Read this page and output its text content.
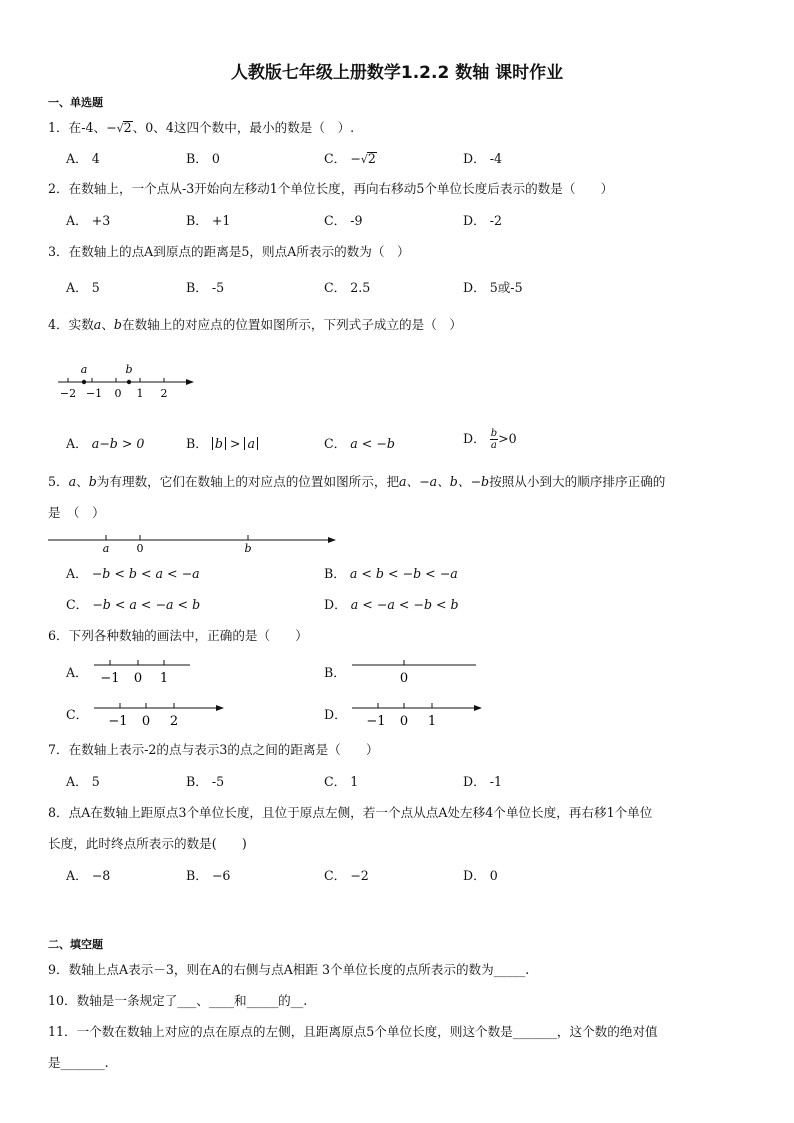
人教版七年级上册数学1.2.2 数轴 课时作业
一、单选题
1．在-4、−√2、0、4这四个数中，最小的数是（　）.
A． 4	B． 0	C． −√2	D． -4
2．在数轴上，一个点从-3开始向左移动1个单位长度，再向右移动5个单位长度后表示的数是（　　）
A． +3	B． +1	C． -9	D． -2
3．在数轴上的点A到原点的距离是5，则点A所表示的数为（　）
A． 5	B． -5	C． 2.5	D． 5或-5
4．实数a、b在数轴上的对应点的位置如图所示，下列式子成立的是（　）
a	b
−2 −1 0 1 2
A． a−b > 0	B． b > a	C． a < −b	D． $\frac{b}{a} >0$
5．a、b为有理数，它们在数轴上的对应点的位置如图所示，把a、−a、b、−b按照从小到大的顺序排序正确的
是　（　）
a 0	b
A． −b < b < a < −a	B． a < b < −b < −a
C． −b < a < −a < b	D． a < −a < −b < b
6．下列各种数轴的画法中，正确的是（　　）
A． −1 0 1	B．	0
C．	−1 0 2	D．	−1 0 1
7．在数轴上表示-2的点与表示3的点之间的距离是（　　）
A． 5	B． -5	C． 1	D． -1
8．点A在数轴上距原点3个单位长度，且位于原点左侧，若一个点从点A处左移4个单位长度，再右移1个单位
长度，此时终点所表示的数是(　　)
A． −8	B． −6	C． −2	D． 0
二、填空题
9．数轴上点A表示－3，则在A的右侧与点A相距 3个单位长度的点所表示的数为_____.
10．数轴是一条规定了___、____和_____的__.
11．一个数在数轴上对应的点在原点的左侧，且距离原点5个单位长度，则这个数是_______，这个数的绝对值
是_______.
